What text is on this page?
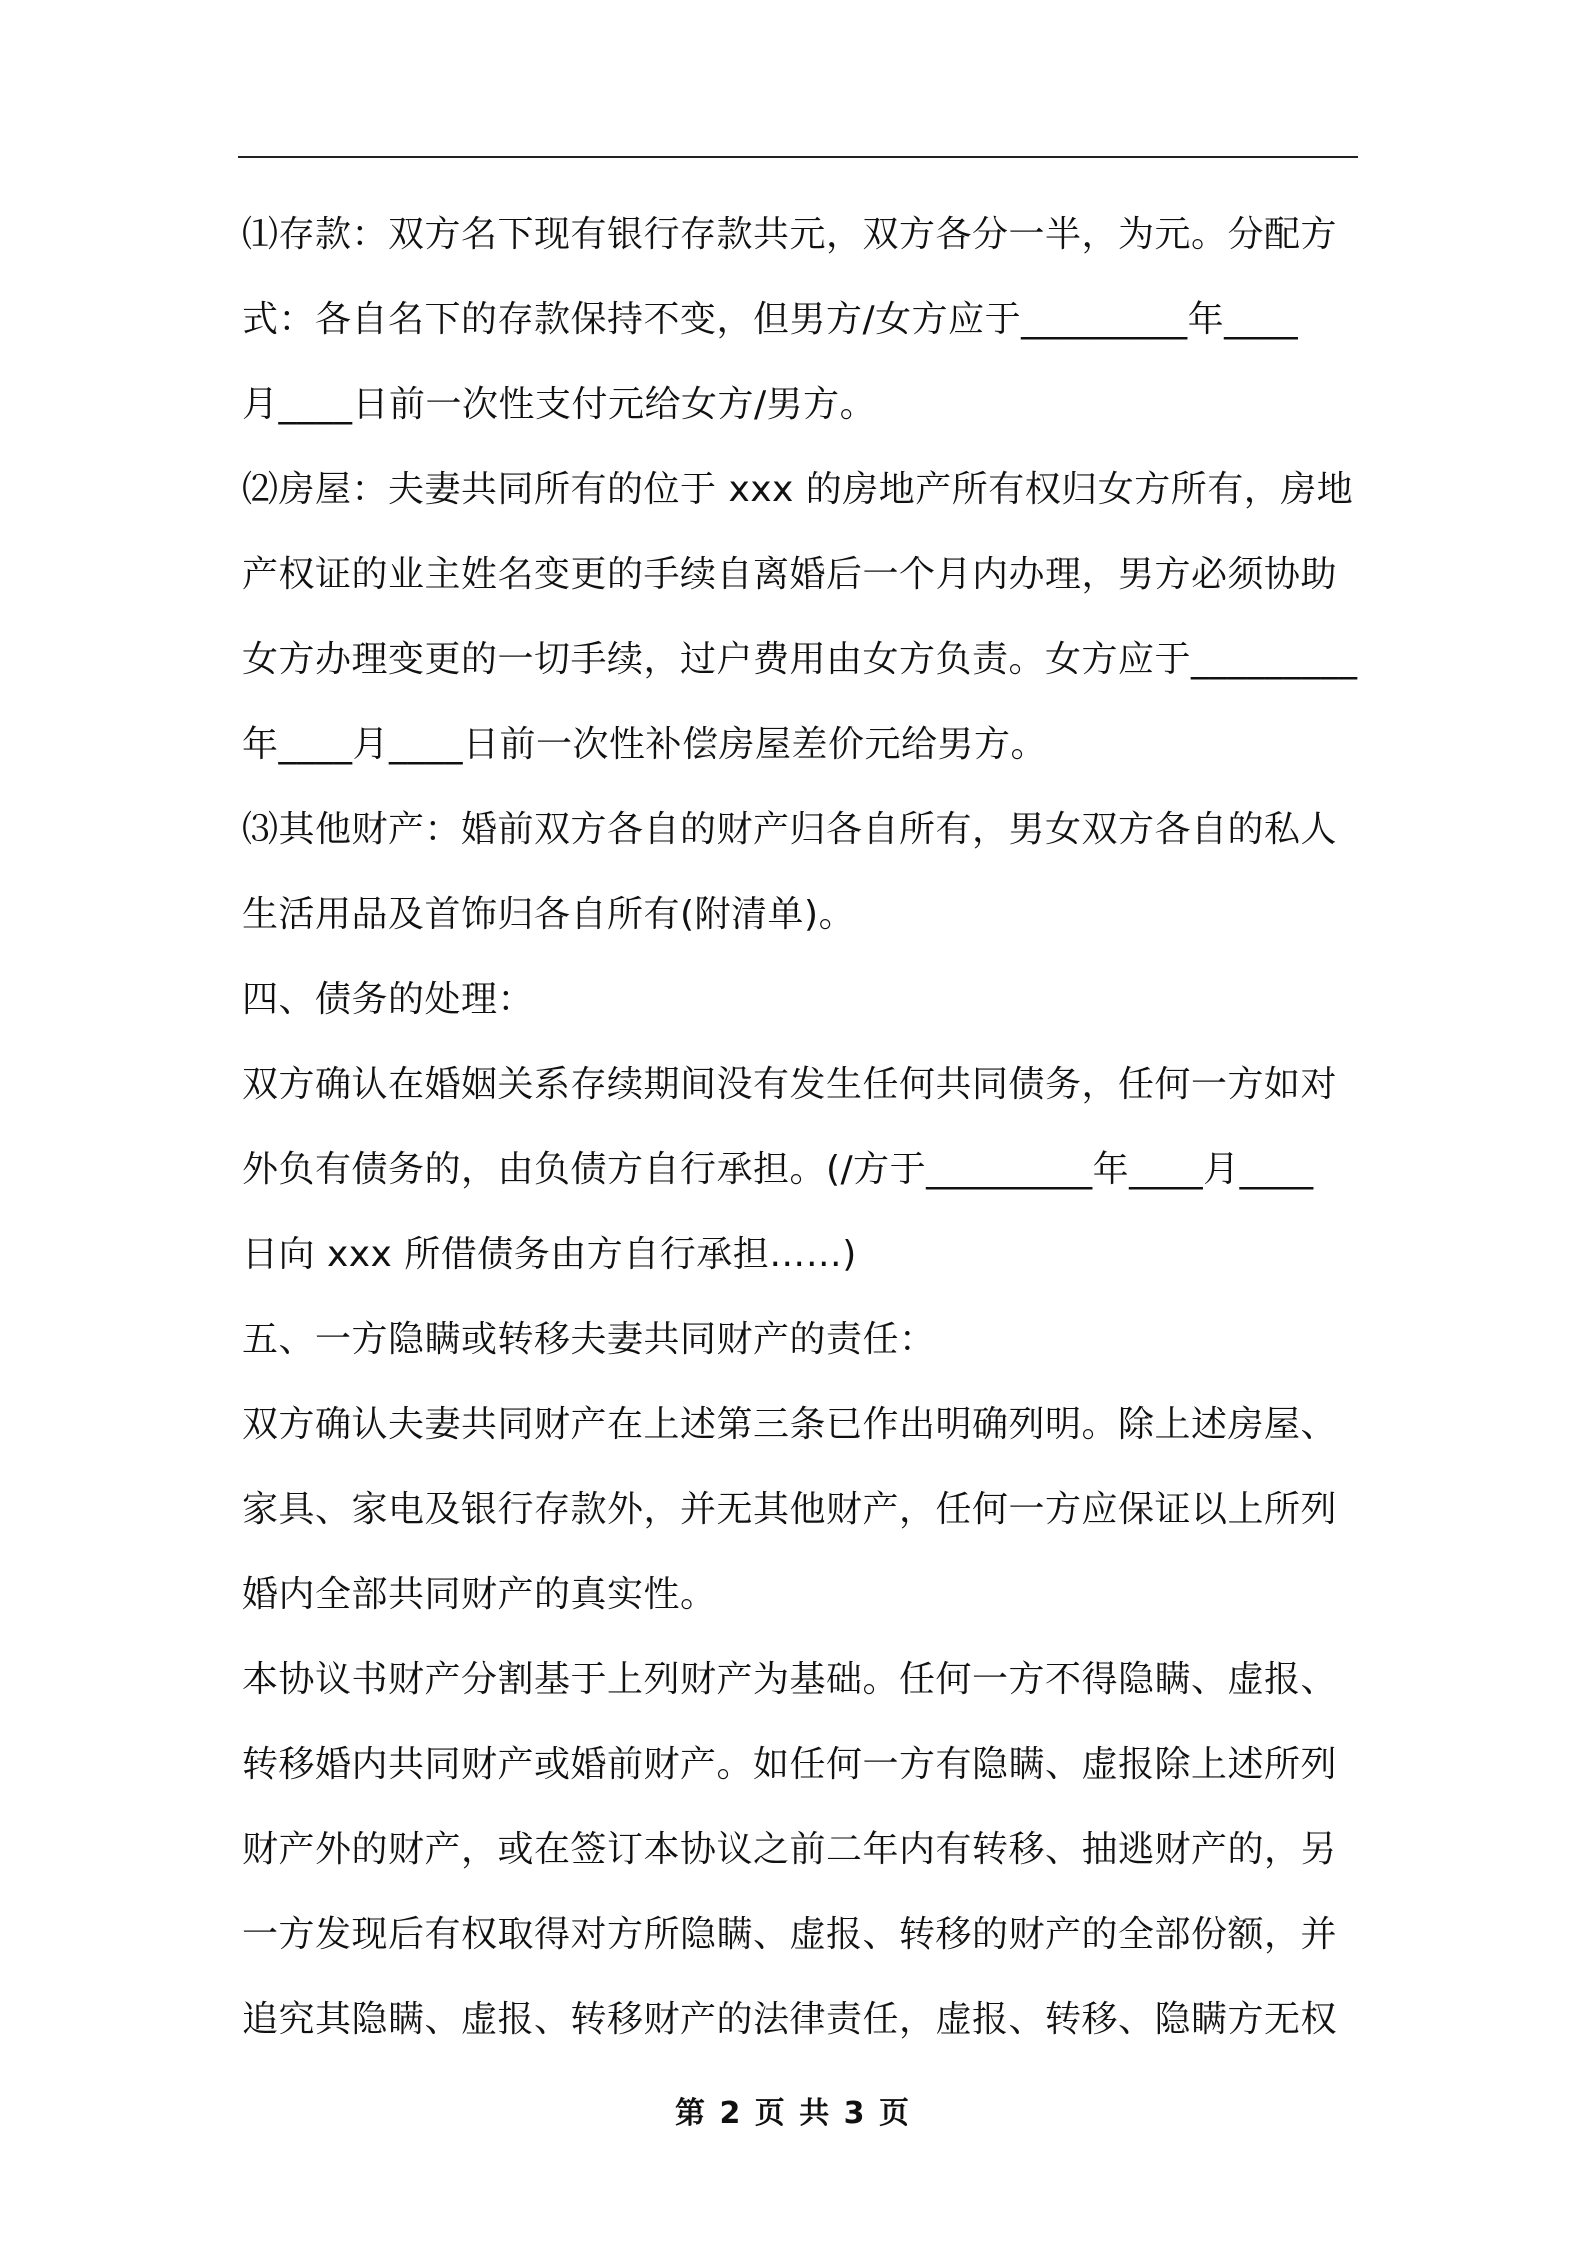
⑴存款：双方名下现有银行存款共元，双方各分一半，为元。分配方
式：各自名下的存款保持不变，但男方/女方应于_________年____
月____日前一次性支付元给女方/男方。
⑵房屋：夫妻共同所有的位于 xxx 的房地产所有权归女方所有，房地
产权证的业主姓名变更的手续自离婚后一个月内办理，男方必须协助
女方办理变更的一切手续，过户费用由女方负责。女方应于_________
年____月____日前一次性补偿房屋差价元给男方。
⑶其他财产：婚前双方各自的财产归各自所有，男女双方各自的私人
生活用品及首饰归各自所有(附清单)。
四、债务的处理：
双方确认在婚姻关系存续期间没有发生任何共同债务，任何一方如对
外负有债务的，由负债方自行承担。(/方于_________年____月____
日向 xxx 所借债务由方自行承担……)
五、一方隐瞒或转移夫妻共同财产的责任：
双方确认夫妻共同财产在上述第三条已作出明确列明。除上述房屋、
家具、家电及银行存款外，并无其他财产，任何一方应保证以上所列
婚内全部共同财产的真实性。
本协议书财产分割基于上列财产为基础。任何一方不得隐瞒、虚报、
转移婚内共同财产或婚前财产。如任何一方有隐瞒、虚报除上述所列
财产外的财产，或在签订本协议之前二年内有转移、抽逃财产的，另
一方发现后有权取得对方所隐瞒、虚报、转移的财产的全部份额，并
追究其隐瞒、虚报、转移财产的法律责任，虚报、转移、隐瞒方无权
第 2 页 共 3 页
